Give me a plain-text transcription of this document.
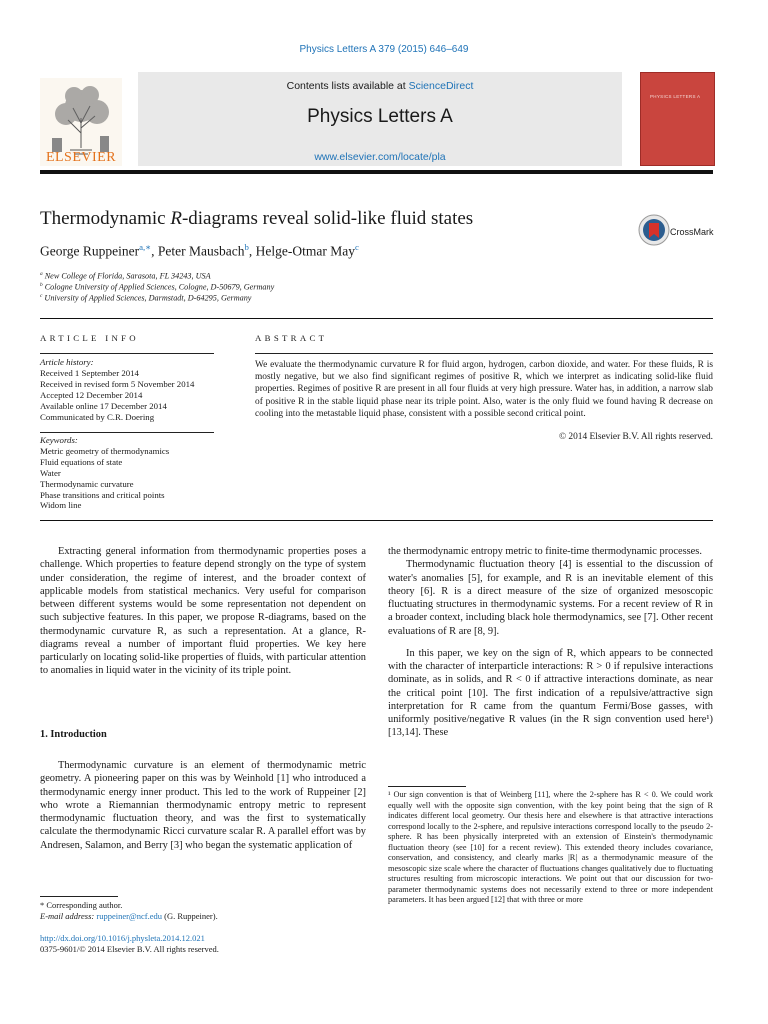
Physics Letters A 379 (2015) 646–649
Contents lists available at ScienceDirect
Physics Letters A
www.elsevier.com/locate/pla
ELSEVIER
PHYSICS LETTERS A
Thermodynamic R-diagrams reveal solid-like fluid states
CrossMark
George Ruppeiner$^{a,∗}$, Peter Mausbach$^b$, Helge-Otmar May$^c$
$^a$ New College of Florida, Sarasota, FL 34243, USA
$^b$ Cologne University of Applied Sciences, Cologne, D-50679, Germany
$^c$ University of Applied Sciences, Darmstadt, D-64295, Germany
ARTICLE INFO	ABSTRACT
Article history:
Received 1 September 2014
Received in revised form 5 November 2014
Accepted 12 December 2014
Available online 17 December 2014
Communicated by C.R. Doering
Keywords:
Metric geometry of thermodynamics
Fluid equations of state
Water
Thermodynamic curvature
Phase transitions and critical points
Widom line
We evaluate the thermodynamic curvature R for fluid argon, hydrogen, carbon dioxide, and water. For these fluids, R is mostly negative, but we also find significant regimes of positive R, which we interpret as indicating solid-like fluid properties. Regimes of positive R are present in all four fluids at very high pressure. Water has, in addition, a narrow slab of positive R in the stable liquid phase near its triple point. Also, water is the only fluid we found having R decrease on cooling into the metastable liquid phase, consistent with a possible second critical point.
© 2014 Elsevier B.V. All rights reserved.

Extracting general information from thermodynamic properties poses a challenge. Which properties to feature depend strongly on the type of system under consideration, the regime of interest, and the broader context of applicable models from statistical mechanics. Very useful for comparison between different systems would be some representation not dependent on such subjective features. In this paper, we propose R-diagrams, based on the thermodynamic curvature R, as such a representation. At a glance, R-diagrams reveal a number of important fluid properties. We key here particularly on locating solid-like properties of fluids, with particular attention to anomalies in liquid water in the vicinity of its triple point.

1. Introduction

Thermodynamic curvature is an element of thermodynamic metric geometry. A pioneering paper on this was by Weinhold [1] who introduced a thermodynamic energy inner product. This led to the work of Ruppeiner [2] who wrote a Riemannian thermodynamic entropy metric to represent thermodynamic fluctuation theory, and was the first to systematically calculate the thermodynamic Ricci curvature scalar R. A parallel effort was by Andresen, Salamon, and Berry [3] who began the systematic application of

the thermodynamic entropy metric to finite-time thermodynamic processes.

Thermodynamic fluctuation theory [4] is essential to the discussion of water's anomalies [5], for example, and R is an inevitable element of this theory [6]. R is a direct measure of the size of organized mesoscopic fluctuating structures in thermodynamic systems. For a recent review of R in a broader context, including black hole thermodynamics, see [7]. Other recent evaluations of R are [8, 9].

In this paper, we key on the sign of R, which appears to be connected with the character of interparticle interactions: R > 0 if repulsive interactions dominate, as in solids, and R < 0 if attractive interactions dominate, as near the critical point [10]. The first indication of a repulsive/attractive sign interpretation for R came from the quantum Fermi/Bose gasses, with uniformly positive/negative R values (in the R sign convention used here¹) [13,14]. These

¹ Our sign convention is that of Weinberg [11], where the 2-sphere has R < 0. We could work equally well with the opposite sign convention, with the key point being that the sign of R indicates different local geometry. Our thesis here and elsewhere is that attractive interactions correspond locally to the 2-sphere, and repulsive interactions correspond locally to the pseudo 2-sphere. R has been physically interpreted with an extension of Einstein's thermodynamic fluctuation theory (see [10] for a recent review). This extended theory includes covariance, conservation, and consistency, and clearly marks |R| as a thermodynamic measure of the mesoscopic size scale where the character of fluctuations changes qualitatively due to fluctuating structures resulting from microscopic interactions. We point out that our discussion for two-parameter thermodynamic systems does not necessarily extend to three or more independent parameters. It has been argued [12] that with three or more
* Corresponding author.
E-mail address: ruppeiner@ncf.edu (G. Ruppeiner).
http://dx.doi.org/10.1016/j.physleta.2014.12.021
0375-9601/© 2014 Elsevier B.V. All rights reserved.
